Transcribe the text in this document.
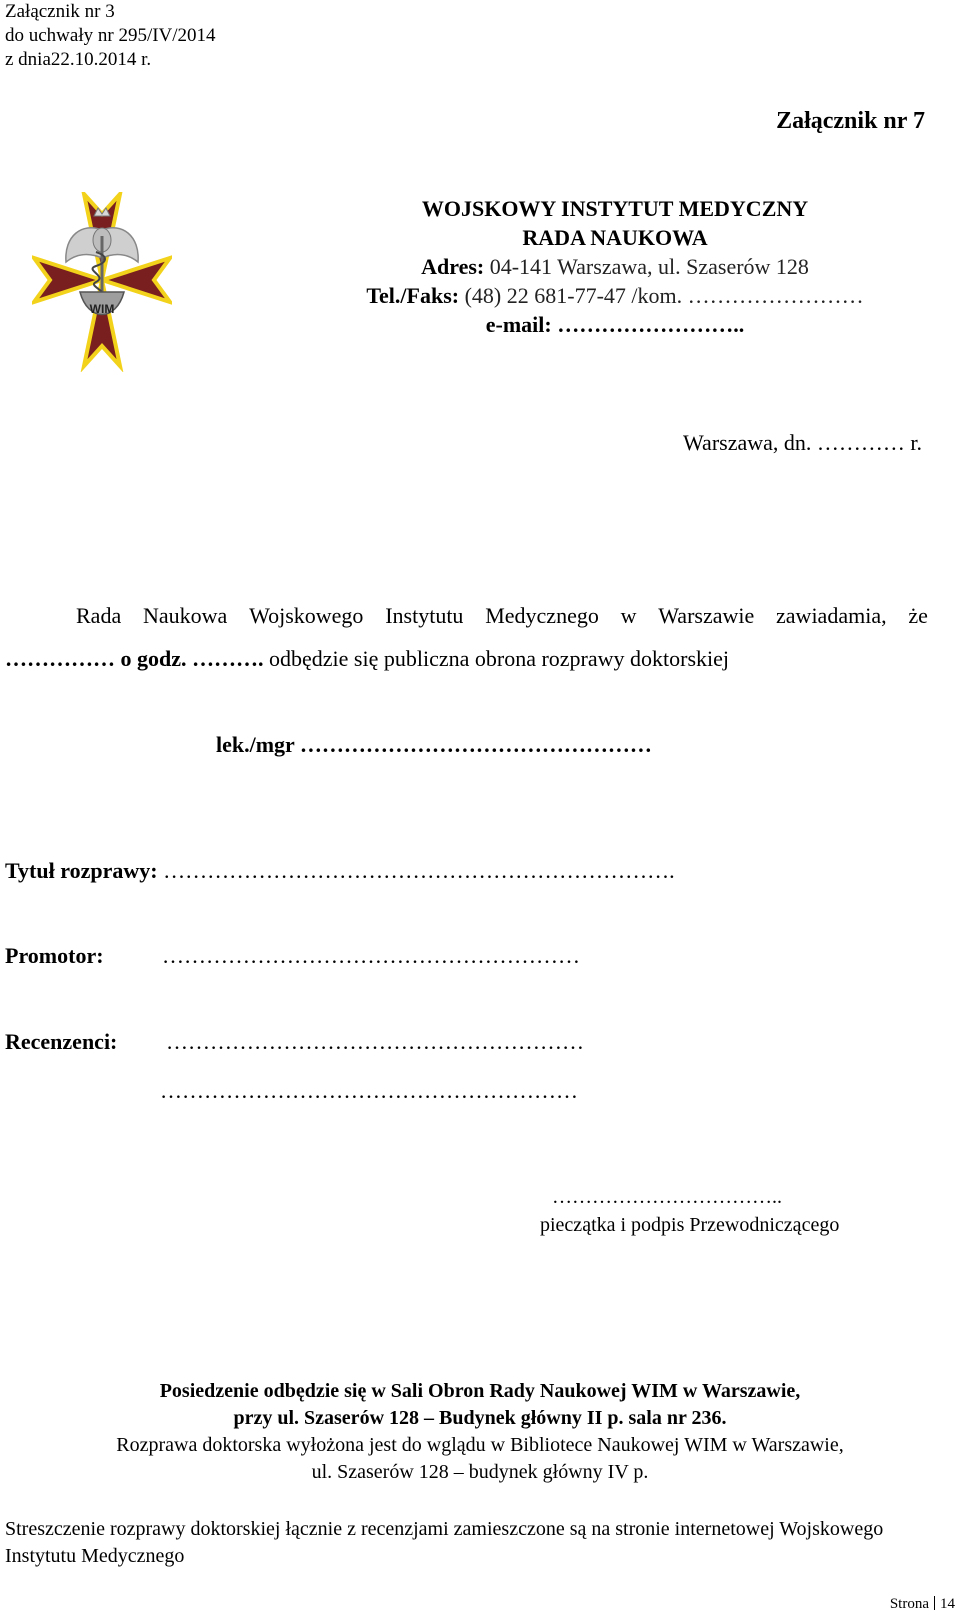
Załącznik nr 3
do uchwały nr 295/IV/2014
z dnia22.10.2014 r.
Załącznik nr 7
WIM
WOJSKOWY INSTYTUT MEDYCZNY
RADA NAUKOWA
Adres: 04-141 Warszawa, ul. Szaserów 128
Tel./Faks: (48) 22 681-77-47 /kom. ……………………
e-mail: ……………………..
Warszawa, dn. ………… r.
Rada Naukowa Wojskowego Instytutu Medycznego w Warszawie zawiadamia, że
…………… o godz. ………. odbędzie się publiczna obrona rozprawy doktorskiej
lek./mgr …………………………………………
Tytuł rozprawy: …………………………………………………………….
Promotor:	…………………………………………………
Recenzenci: …………………………………………………
…………………………………………………
……………………………..
pieczątka i podpis Przewodniczącego
Posiedzenie odbędzie się w Sali Obron Rady Naukowej WIM w Warszawie,
przy ul. Szaserów 128 – Budynek główny II p. sala nr 236.
Rozprawa doktorska wyłożona jest do wglądu w Bibliotece Naukowej WIM w Warszawie,
ul. Szaserów 128 – budynek główny IV p.
Streszczenie rozprawy doktorskiej łącznie z recenzjami zamieszczone są na stronie internetowej Wojskowego Instytutu Medycznego
Strona 14
